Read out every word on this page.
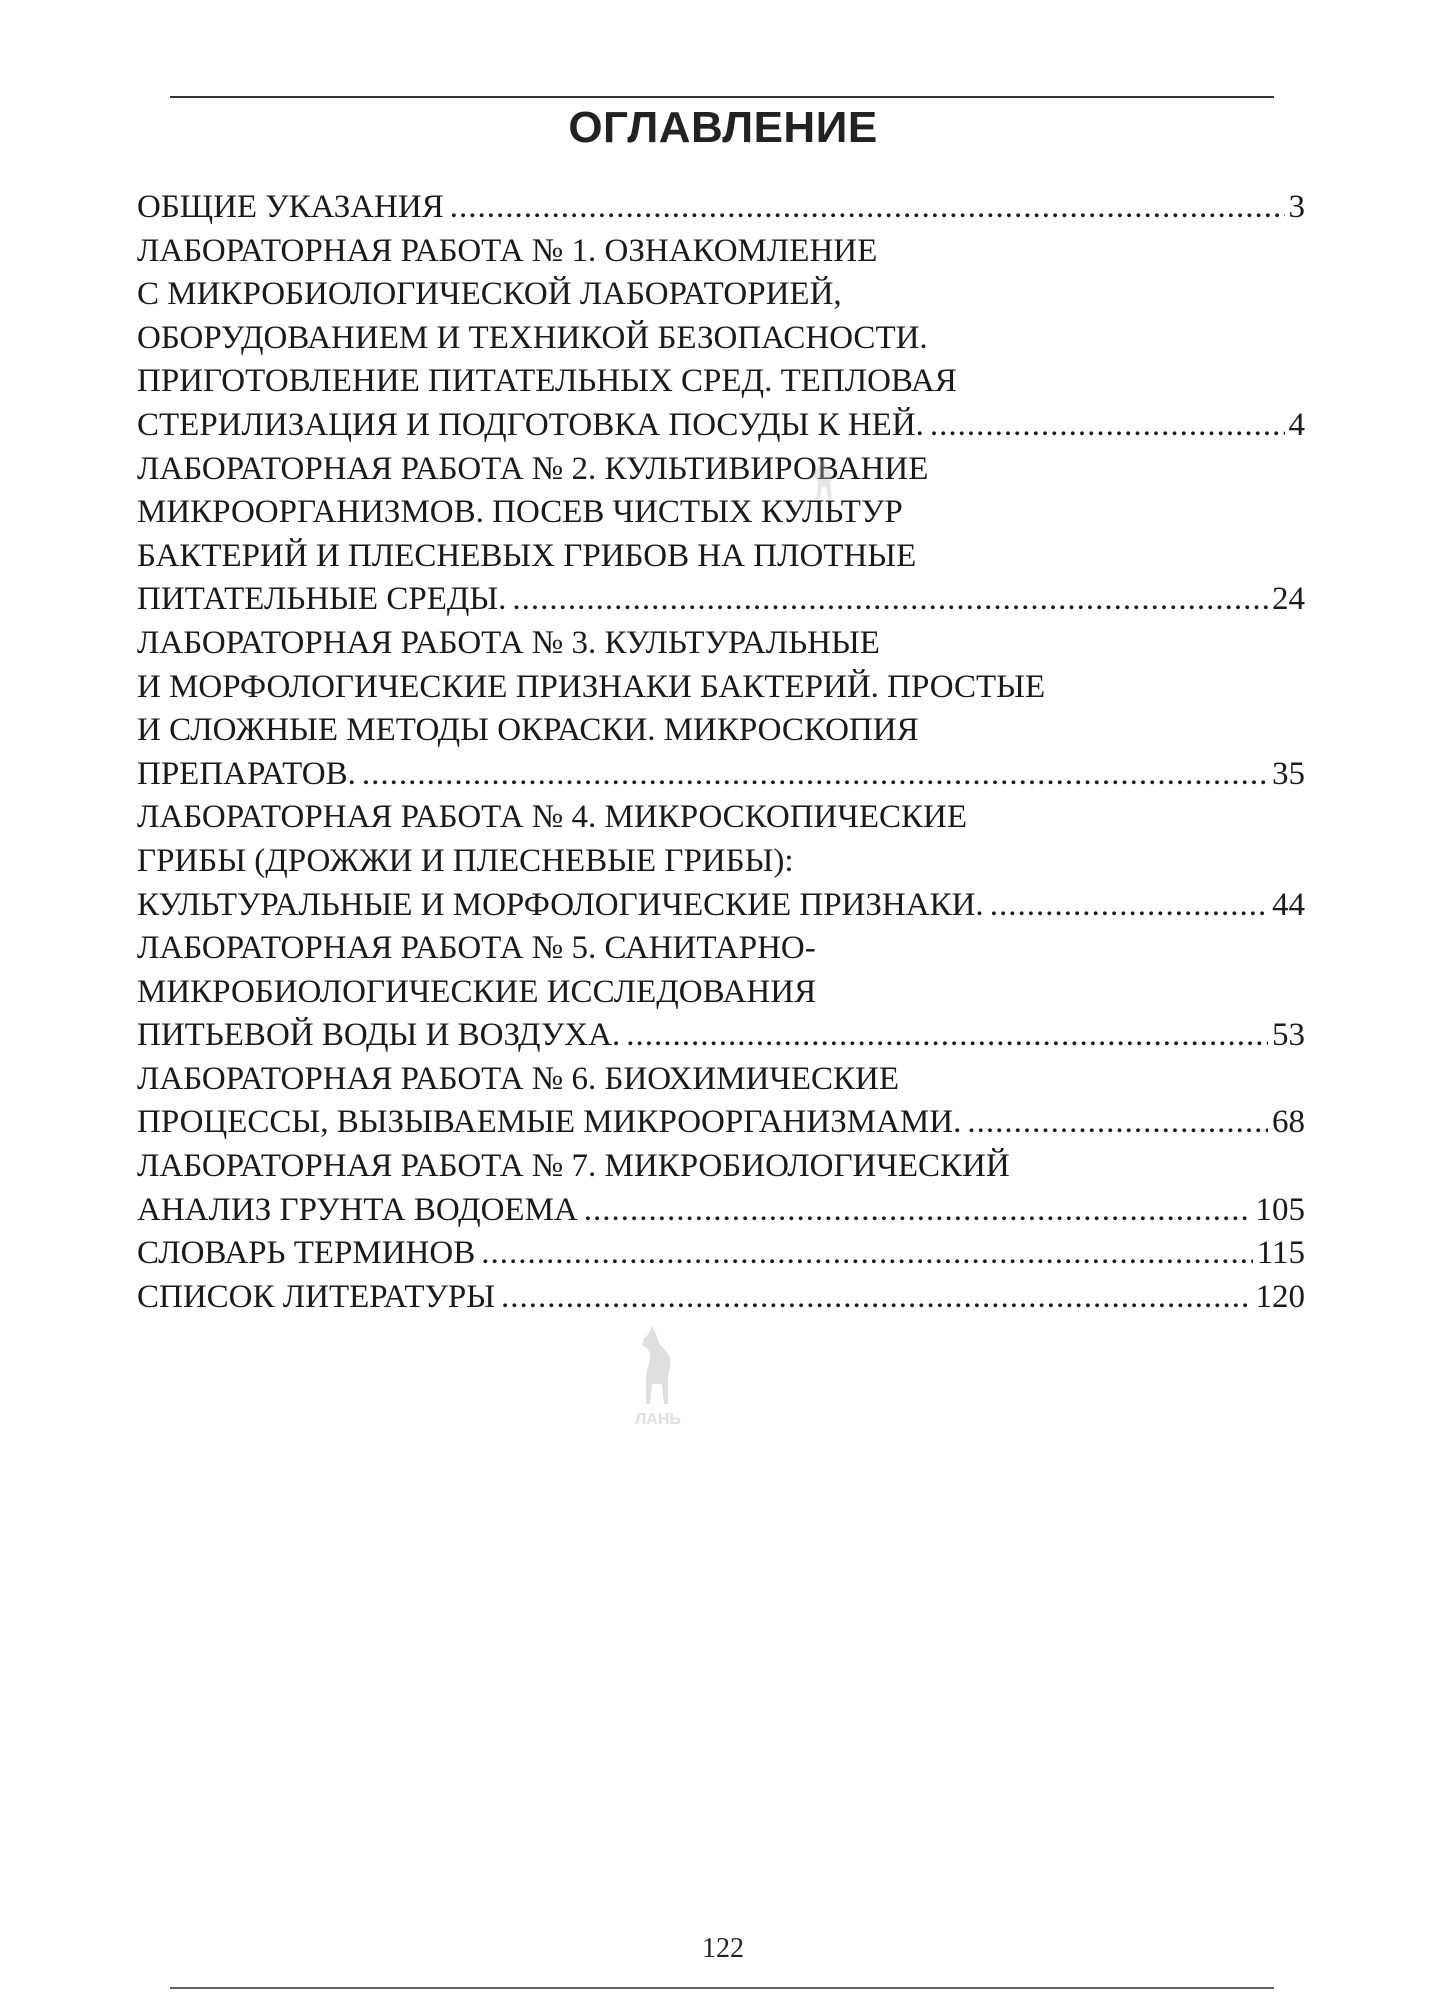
ОГЛАВЛЕНИЕ
ОБЩИЕ УКАЗАНИЯ .....	3
ЛАБОРАТОРНАЯ РАБОТА № 1. ОЗНАКОМЛЕНИЕ
С МИКРОБИОЛОГИЧЕСКОЙ ЛАБОРАТОРИЕЙ,
ОБОРУДОВАНИЕМ И ТЕХНИКОЙ БЕЗОПАСНОСТИ.
ПРИГОТОВЛЕНИЕ ПИТАТЕЛЬНЫХ СРЕД. ТЕПЛОВАЯ
СТЕРИЛИЗАЦИЯ И ПОДГОТОВКА ПОСУДЫ К НЕЙ. .....	4
ЛАБОРАТОРНАЯ РАБОТА № 2. КУЛЬТИВИРОВАНИЕ
МИКРООРГАНИЗМОВ. ПОСЕВ ЧИСТЫХ КУЛЬТУР
БАКТЕРИЙ И ПЛЕСНЕВЫХ ГРИБОВ НА ПЛОТНЫЕ
ПИТАТЕЛЬНЫЕ СРЕДЫ. .....	24
ЛАБОРАТОРНАЯ РАБОТА № 3. КУЛЬТУРАЛЬНЫЕ
И МОРФОЛОГИЧЕСКИЕ ПРИЗНАКИ БАКТЕРИЙ. ПРОСТЫЕ
И СЛОЖНЫЕ МЕТОДЫ ОКРАСКИ. МИКРОСКОПИЯ
ПРЕПАРАТОВ. .....	35
ЛАБОРАТОРНАЯ РАБОТА № 4. МИКРОСКОПИЧЕСКИЕ
ГРИБЫ (ДРОЖЖИ И ПЛЕСНЕВЫЕ ГРИБЫ):
КУЛЬТУРАЛЬНЫЕ И МОРФОЛОГИЧЕСКИЕ ПРИЗНАКИ. .....	44
ЛАБОРАТОРНАЯ РАБОТА № 5. САНИТАРНО-
МИКРОБИОЛОГИЧЕСКИЕ ИССЛЕДОВАНИЯ
ПИТЬЕВОЙ ВОДЫ И ВОЗДУХА. .....	53
ЛАБОРАТОРНАЯ РАБОТА № 6. БИОХИМИЧЕСКИЕ
ПРОЦЕССЫ, ВЫЗЫВАЕМЫЕ МИКРООРГАНИЗМАМИ. .....	68
ЛАБОРАТОРНАЯ РАБОТА № 7. МИКРОБИОЛОГИЧЕСКИЙ
АНАЛИЗ ГРУНТА ВОДОЕМА .....	105
СЛОВАРЬ ТЕРМИНОВ .....	115
СПИСОК ЛИТЕРАТУРЫ .....	120
ЛАНЬ
122
